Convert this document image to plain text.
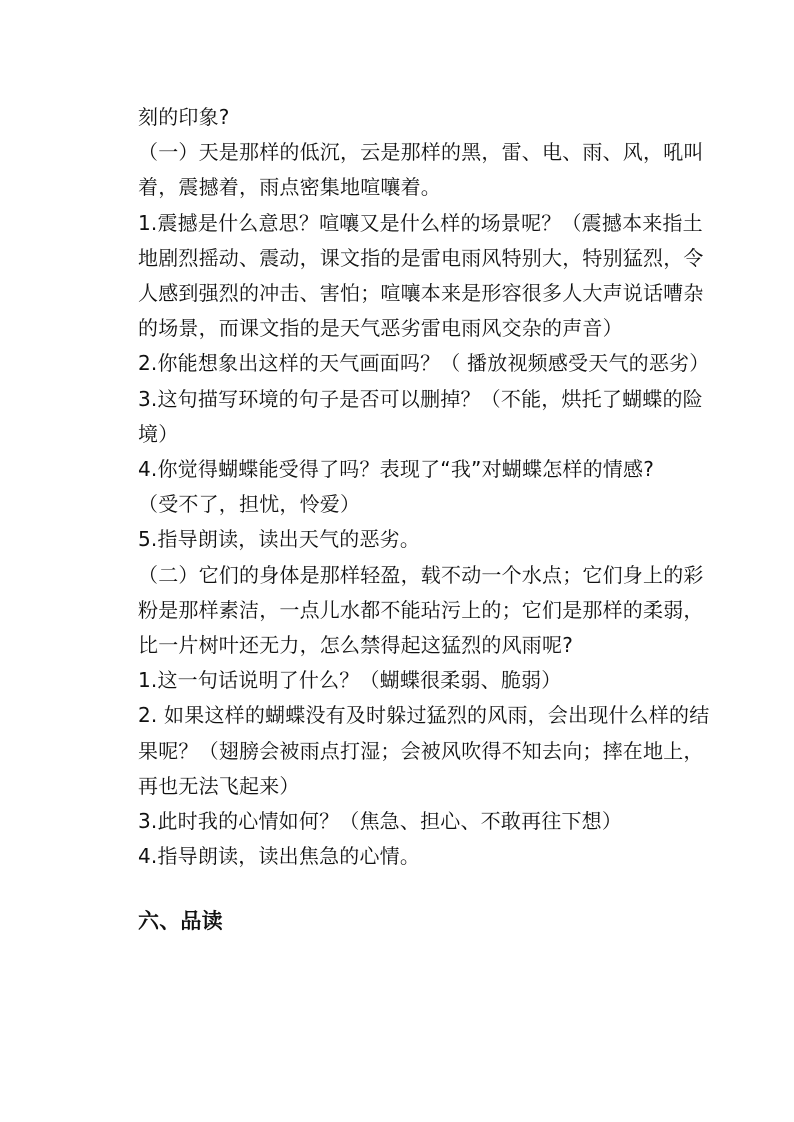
刻的印象?

（一）天是那样的低沉，云是那样的黑，雷、电、雨、风，吼叫着，震撼着，雨点密集地喧嚷着。

1.震撼是什么意思？喧嚷又是什么样的场景呢？（震撼本来指土地剧烈摇动、震动，课文指的是雷电雨风特别大，特别猛烈，令人感到强烈的冲击、害怕；喧嚷本来是形容很多人大声说话嘈杂的场景，而课文指的是天气恶劣雷电雨风交杂的声音）

2.你能想象出这样的天气画面吗？（ 播放视频感受天气的恶劣）

3.这句描写环境的句子是否可以删掉？（不能，烘托了蝴蝶的险境）

4.你觉得蝴蝶能受得了吗？表现了“我”对蝴蝶怎样的情感?        （受不了，担忧，怜爱）

5.指导朗读，读出天气的恶劣。

（二）它们的身体是那样轻盈，载不动一个水点；它们身上的彩粉是那样素洁，一点儿水都不能玷污上的；它们是那样的柔弱，比一片树叶还无力，怎么禁得起这猛烈的风雨呢?

1.这一句话说明了什么？（蝴蝶很柔弱、脆弱）

2. 如果这样的蝴蝶没有及时躲过猛烈的风雨，会出现什么样的结果呢？（翅膀会被雨点打湿；会被风吹得不知去向；摔在地上，再也无法飞起来）

3.此时我的心情如何？（焦急、担心、不敢再往下想）

4.指导朗读，读出焦急的心情。

六、品读
